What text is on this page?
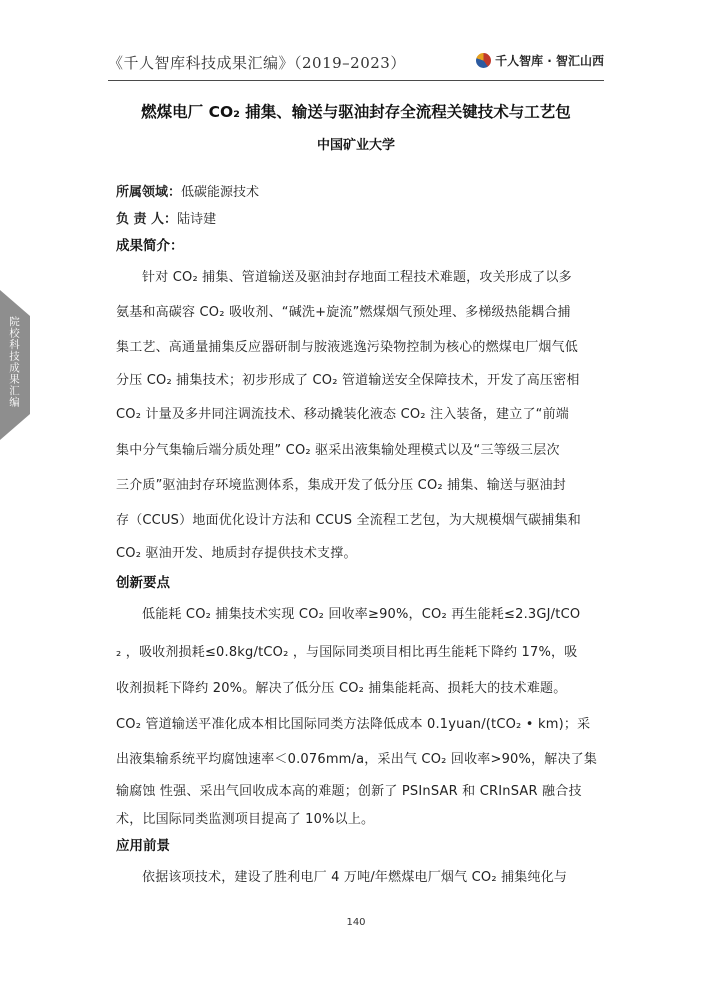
《千人智库科技成果汇编》（2019–2023）	千人智库 · 智汇山西
院校科技成果汇编
燃煤电厂 CO₂ 捕集、输送与驱油封存全流程关键技术与工艺包
中国矿业大学
所属领域：低碳能源技术
负 责 人：陆诗建
成果简介：
针对 CO₂ 捕集、管道输送及驱油封存地面工程技术难题，攻关形成了以多
氨基和高碳容 CO₂ 吸收剂、“碱洗+旋流”燃煤烟气预处理、多梯级热能耦合捕
集工艺、高通量捕集反应器研制与胺液逃逸污染物控制为核心的燃煤电厂烟气低
分压 CO₂ 捕集技术；初步形成了 CO₂ 管道输送安全保障技术，开发了高压密相
CO₂ 计量及多井同注调流技术、移动撬装化液态 CO₂ 注入装备，建立了“前端
集中分气集输后端分质处理” CO₂ 驱采出液集输处理模式以及“三等级三层次
三介质”驱油封存环境监测体系，集成开发了低分压 CO₂ 捕集、输送与驱油封
存（CCUS）地面优化设计方法和 CCUS 全流程工艺包，为大规模烟气碳捕集和
CO₂ 驱油开发、地质封存提供技术支撑。
创新要点
低能耗 CO₂ 捕集技术实现 CO₂ 回收率≥90%，CO₂ 再生能耗≤2.3GJ/tCO
₂ ，吸收剂损耗≤0.8kg/tCO₂ ，与国际同类项目相比再生能耗下降约 17%，吸
收剂损耗下降约 20%。解决了低分压 CO₂ 捕集能耗高、损耗大的技术难题。
CO₂ 管道输送平准化成本相比国际同类方法降低成本 0.1yuan/(tCO₂ • km)；采
出液集输系统平均腐蚀速率＜0.076mm/a，采出气 CO₂ 回收率>90%，解决了集
输腐蚀 性强、采出气回收成本高的难题；创新了 PSInSAR 和 CRInSAR 融合技
术，比国际同类监测项目提高了 10%以上。
应用前景
依据该项技术，建设了胜利电厂 4 万吨/年燃煤电厂烟气 CO₂ 捕集纯化与
140
